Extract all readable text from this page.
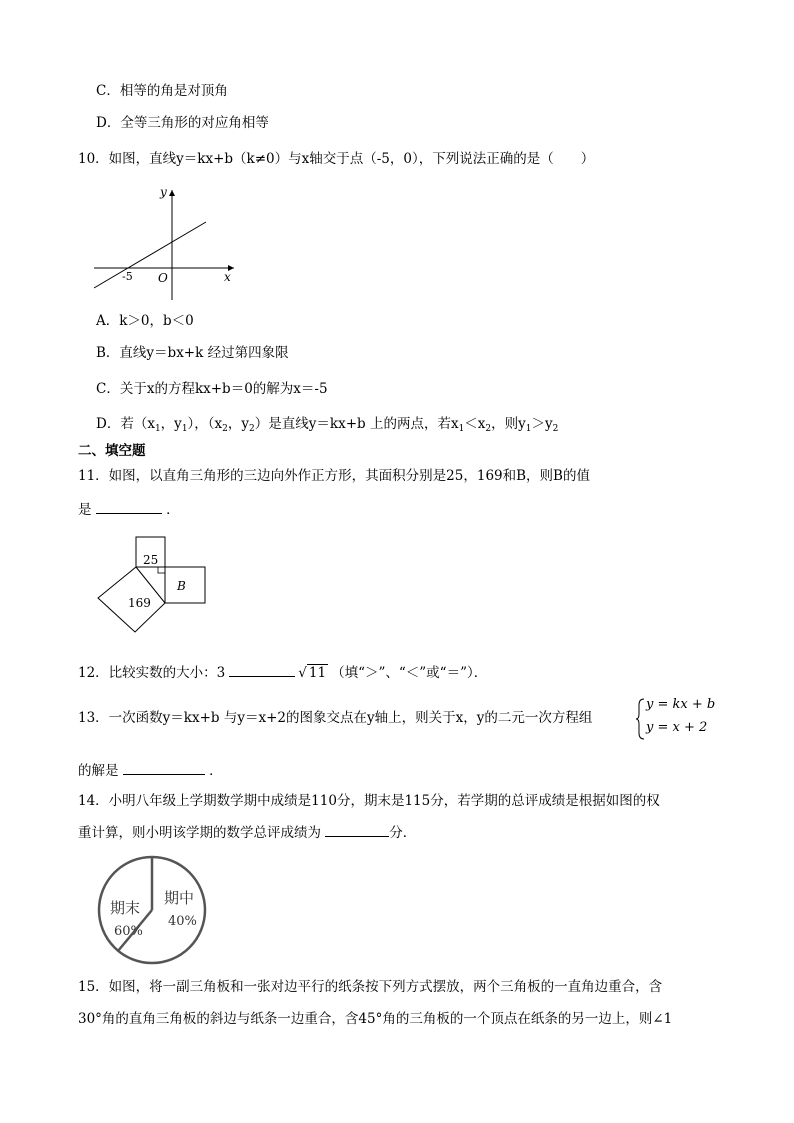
C．相等的角是对顶角
D．全等三角形的对应角相等
10．如图，直线y＝kx+b（k≠0）与x轴交于点（-5，0），下列说法正确的是（　　）
y
x
O
-5
A．k＞0，b＜0
B．直线y＝bx+k 经过第四象限
C．关于x的方程kx+b＝0的解为x＝-5
D．若（$x_1$，$y_1$），（$x_2$，$y_2$）是直线y＝kx+b 上的两点，若$x_1<x_2$，则$y_1>y_2$
二、填空题
11．如图，以直角三角形的三边向外作正方形，其面积分别是25，169和B，则B的值
是	．
25
B
169
12．比较实数的大小：3	√ 11 （填“＞”、“＜”或“＝”）．
13．一次函数y＝kx+b 与y＝x+2的图象交点在y轴上，则关于x，y的二元一次方程组
y = kx + b
y = x + 2
的解是	．
14．小明八年级上学期数学期中成绩是110分，期末是115分，若学期的总评成绩是根据如图的权
重计算，则小明该学期的数学总评成绩为	分．
期末
60%
期中
40%
15．如图，将一副三角板和一张对边平行的纸条按下列方式摆放，两个三角板的一直角边重合，含
30°角的直角三角板的斜边与纸条一边重合，含45°角的三角板的一个顶点在纸条的另一边上，则∠1
